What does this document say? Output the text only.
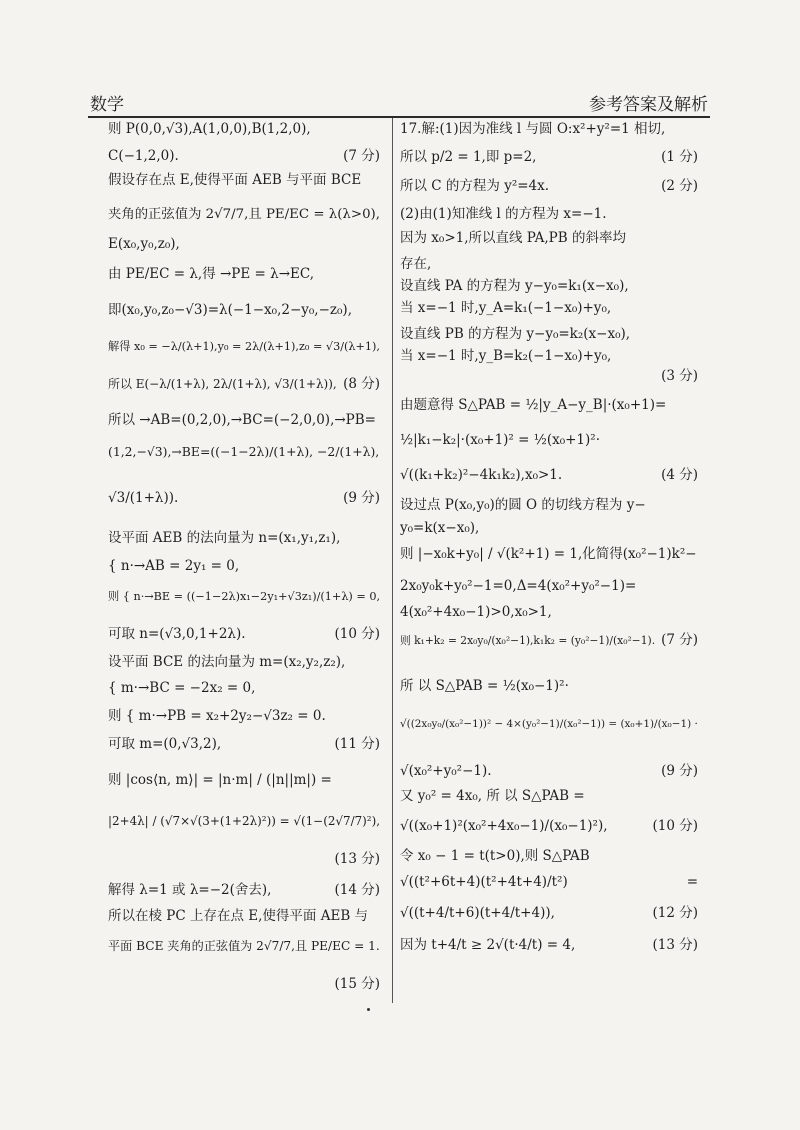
数学	参考答案及解析
则 P(0,0,√3),A(1,0,0),B(1,2,0),
C(−1,2,0).	(7 分)
假设存在点 E,使得平面 AEB 与平面 BCE
夹角的正弦值为 2√7/7,且 PE/EC = λ(λ>0),
E(x₀,y₀,z₀),
由 PE/EC = λ,得 →PE = λ→EC,
即(x₀,y₀,z₀−√3)=λ(−1−x₀,2−y₀,−z₀),
解得 x₀ = −λ/(λ+1),y₀ = 2λ/(λ+1),z₀ = √3/(λ+1),
所以 E(−λ/(1+λ), 2λ/(1+λ), √3/(1+λ)), (8 分)
所以 →AB=(0,2,0),→BC=(−2,0,0),→PB=
(1,2,−√3),→BE=((−1−2λ)/(1+λ), −2/(1+λ),
√3/(1+λ)).	(9 分)
设平面 AEB 的法向量为 n=(x₁,y₁,z₁),
{ n·→AB = 2y₁ = 0,
则 { n·→BE = ((−1−2λ)x₁−2y₁+√3z₁)/(1+λ) = 0,
可取 n=(√3,0,1+2λ).	(10 分)
设平面 BCE 的法向量为 m=(x₂,y₂,z₂),
{ m·→BC = −2x₂ = 0,
则 { m·→PB = x₂+2y₂−√3z₂ = 0.
可取 m=(0,√3,2),	(11 分)
则 |cos⟨n, m⟩| = |n·m| / (|n||m|) =
|2+4λ| / (√7×√(3+(1+2λ)²)) = √(1−(2√7/7)²),
(13 分)
解得 λ=1 或 λ=−2(舍去),	(14 分)
所以在棱 PC 上存在点 E,使得平面 AEB 与
平面 BCE 夹角的正弦值为 2√7/7,且 PE/EC = 1.
(15 分)
17.解:(1)因为准线 l 与圆 O:x²+y²=1 相切,
所以 p/2 = 1,即 p=2,	(1 分)
所以 C 的方程为 y²=4x.	(2 分)
(2)由(1)知准线 l 的方程为 x=−1.
因为 x₀>1,所以直线 PA,PB 的斜率均
存在,
设直线 PA 的方程为 y−y₀=k₁(x−x₀),
当 x=−1 时,y_A=k₁(−1−x₀)+y₀,
设直线 PB 的方程为 y−y₀=k₂(x−x₀),
当 x=−1 时,y_B=k₂(−1−x₀)+y₀,
(3 分)
由题意得 S△PAB = ½|y_A−y_B|·(x₀+1)=
½|k₁−k₂|·(x₀+1)² = ½(x₀+1)²·
√((k₁+k₂)²−4k₁k₂),x₀>1.	(4 分)
设过点 P(x₀,y₀)的圆 O 的切线方程为 y−
y₀=k(x−x₀),
则 |−x₀k+y₀| / √(k²+1) = 1,化简得(x₀²−1)k²−
2x₀y₀k+y₀²−1=0,Δ=4(x₀²+y₀²−1)=
4(x₀²+4x₀−1)>0,x₀>1,
则 k₁+k₂ = 2x₀y₀/(x₀²−1),k₁k₂ = (y₀²−1)/(x₀²−1). (7 分)
所 以 S△PAB = ½(x₀−1)²·
√((2x₀y₀/(x₀²−1))² − 4×(y₀²−1)/(x₀²−1)) = (x₀+1)/(x₀−1) ·
√(x₀²+y₀²−1).	(9 分)
又 y₀² = 4x₀, 所 以 S△PAB =
√((x₀+1)²(x₀²+4x₀−1)/(x₀−1)²),	(10 分)
令 x₀ − 1 = t(t>0),则 S△PAB
√((t²+6t+4)(t²+4t+4)/t²)	=
√((t+4/t+6)(t+4/t+4)),	(12 分)
因为 t+4/t ≥ 2√(t·4/t) = 4,	(13 分)
